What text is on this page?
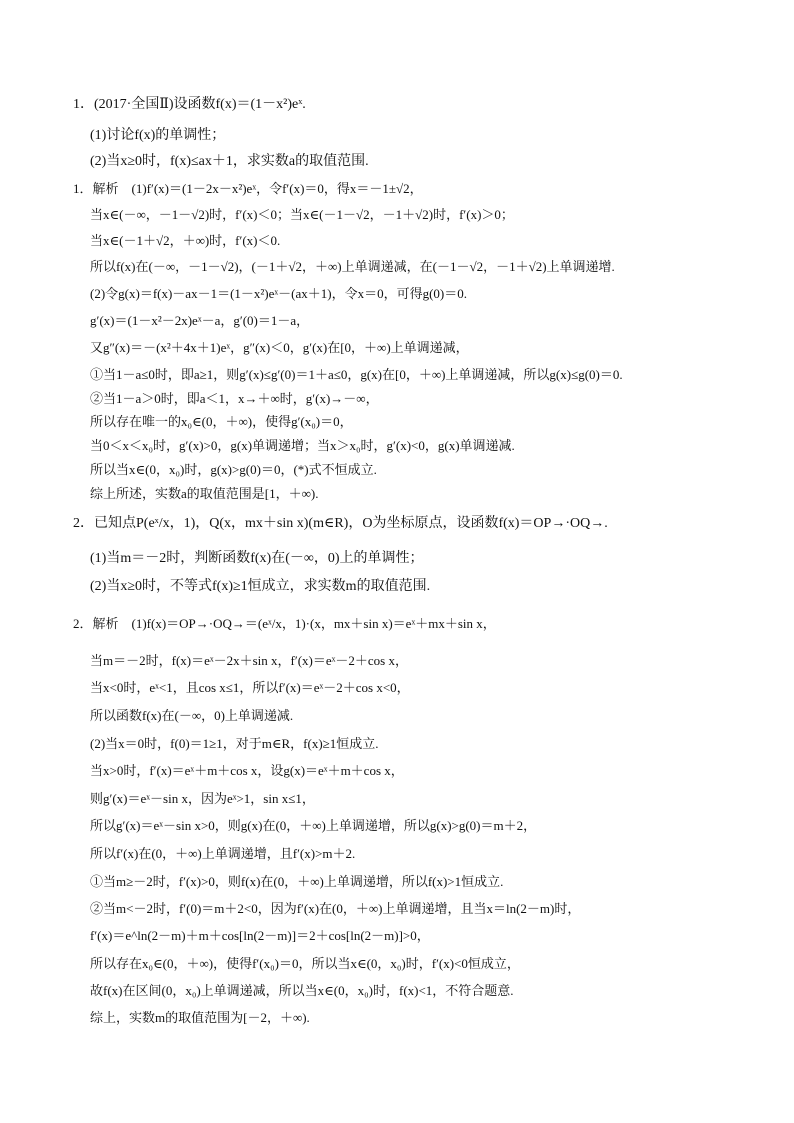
1．(2017·全国Ⅱ)设函数f(x)＝(1－x²)eˣ.
(1)讨论f(x)的单调性；
(2)当x≥0时，f(x)≤ax＋1，求实数a的取值范围.
1．解析　(1)f′(x)＝(1－2x－x²)eˣ，令f′(x)＝0，得x＝－1±√2，
当x∈(－∞，－1－√2)时，f′(x)＜0；当x∈(－1－√2，－1＋√2)时，f′(x)＞0；
当x∈(－1＋√2，＋∞)时，f′(x)＜0.
所以f(x)在(－∞，－1－√2)，(－1＋√2，＋∞)上单调递减，在(－1－√2，－1＋√2)上单调递增.
(2)令g(x)＝f(x)－ax－1＝(1－x²)eˣ－(ax＋1)，令x＝0，可得g(0)＝0.
g′(x)＝(1－x²－2x)eˣ－a，g′(0)＝1－a，
又g″(x)＝－(x²＋4x＋1)eˣ，g″(x)＜0，g′(x)在[0，＋∞)上单调递减，
①当1－a≤0时，即a≥1，则g′(x)≤g′(0)＝1＋a≤0，g(x)在[0，＋∞)上单调递减，所以g(x)≤g(0)＝0.
②当1－a＞0时，即a＜1，x→＋∞时，g′(x)→－∞，
所以存在唯一的x₀∈(0，＋∞)，使得g′(x₀)＝0，
当0＜x＜x₀时，g′(x)>0，g(x)单调递增；当x＞x₀时，g′(x)<0，g(x)单调递减.
所以当x∈(0，x₀)时，g(x)>g(0)＝0，(*)式不恒成立.
综上所述，实数a的取值范围是[1，＋∞).
2．已知点P(eˣ/x，1)，Q(x，mx＋sin x)(m∈R)，O为坐标原点，设函数f(x)＝OP→·OQ→.
(1)当m＝－2时，判断函数f(x)在(－∞，0)上的单调性；
(2)当x≥0时，不等式f(x)≥1恒成立，求实数m的取值范围.
2．解析　(1)f(x)＝OP→·OQ→＝(eˣ/x，1)·(x，mx＋sin x)＝eˣ＋mx＋sin x，
当m＝－2时，f(x)＝eˣ－2x＋sin x，f′(x)＝eˣ－2＋cos x，
当x<0时，eˣ<1，且cos x≤1，所以f′(x)＝eˣ－2＋cos x<0，
所以函数f(x)在(－∞，0)上单调递减.
(2)当x＝0时，f(0)＝1≥1，对于m∈R，f(x)≥1恒成立.
当x>0时，f′(x)＝eˣ＋m＋cos x，设g(x)＝eˣ＋m＋cos x，
则g′(x)＝eˣ－sin x，因为eˣ>1，sin x≤1，
所以g′(x)＝eˣ－sin x>0，则g(x)在(0，＋∞)上单调递增，所以g(x)>g(0)＝m＋2，
所以f′(x)在(0，＋∞)上单调递增，且f′(x)>m＋2.
①当m≥－2时，f′(x)>0，则f(x)在(0，＋∞)上单调递增，所以f(x)>1恒成立.
②当m<－2时，f′(0)＝m＋2<0，因为f′(x)在(0，＋∞)上单调递增，且当x＝ln(2－m)时，
f′(x)＝e^ln(2－m)＋m＋cos[ln(2－m)]＝2＋cos[ln(2－m)]>0，
所以存在x₀∈(0，＋∞)，使得f′(x₀)＝0，所以当x∈(0，x₀)时，f′(x)<0恒成立，
故f(x)在区间(0，x₀)上单调递减，所以当x∈(0，x₀)时，f(x)<1，不符合题意.
综上，实数m的取值范围为[－2，＋∞).
